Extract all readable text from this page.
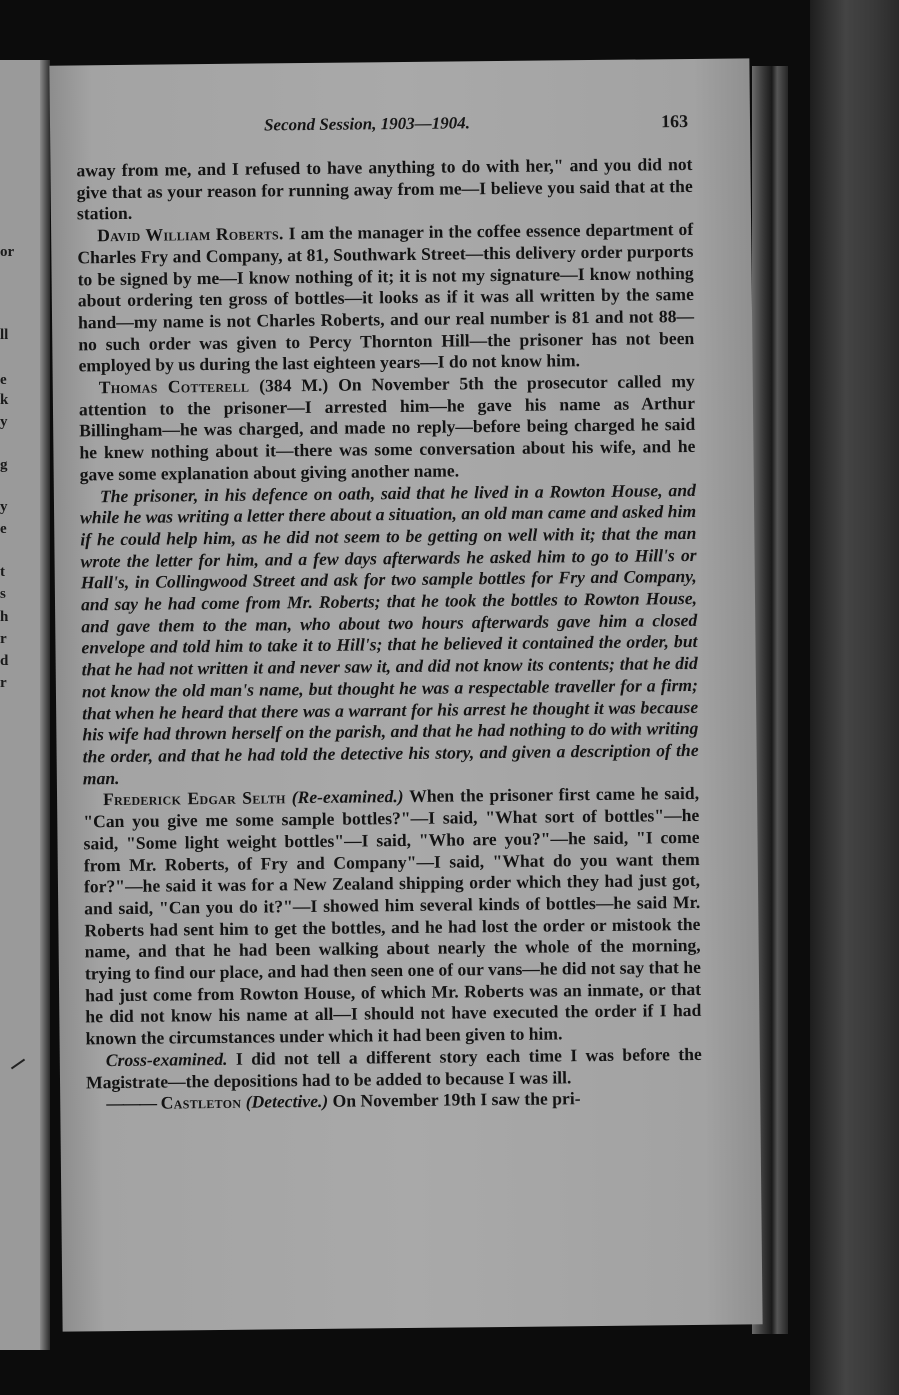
or
ll
e
k
y
g
y
e
t
s
h
r
d
r
Second Session, 1903—1904.	163

away from me, and I refused to have anything to do with her," and you did not give that as your reason for running away from me—I believe you said that at the station.

David William Roberts. I am the manager in the coffee essence department of Charles Fry and Company, at 81, Southwark Street—this delivery order purports to be signed by me—I know nothing of it; it is not my signature—I know nothing about ordering ten gross of bottles—it looks as if it was all written by the same hand—my name is not Charles Roberts, and our real number is 81 and not 88—no such order was given to Percy Thornton Hill—the prisoner has not been employed by us during the last eighteen years—I do not know him.

Thomas Cotterell (384 M.) On November 5th the prosecutor called my attention to the prisoner—I arrested him—he gave his name as Arthur Billingham—he was charged, and made no reply—before being charged he said he knew nothing about it—there was some conversation about his wife, and he gave some explanation about giving another name.

The prisoner, in his defence on oath, said that he lived in a Rowton House, and while he was writing a letter there about a situation, an old man came and asked him if he could help him, as he did not seem to be getting on well with it; that the man wrote the letter for him, and a few days afterwards he asked him to go to Hill's or Hall's, in Collingwood Street and ask for two sample bottles for Fry and Company, and say he had come from Mr. Roberts; that he took the bottles to Rowton House, and gave them to the man, who about two hours afterwards gave him a closed envelope and told him to take it to Hill's; that he believed it contained the order, but that he had not written it and never saw it, and did not know its contents; that he did not know the old man's name, but thought he was a respectable traveller for a firm; that when he heard that there was a warrant for his arrest he thought it was because his wife had thrown herself on the parish, and that he had nothing to do with writing the order, and that he had told the detective his story, and given a description of the man.

Frederick Edgar Selth (Re-examined.) When the prisoner first came he said, "Can you give me some sample bottles?"—I said, "What sort of bottles"—he said, "Some light weight bottles"—I said, "Who are you?"—he said, "I come from Mr. Roberts, of Fry and Company"—I said, "What do you want them for?"—he said it was for a New Zealand shipping order which they had just got, and said, "Can you do it?"—I showed him several kinds of bottles—he said Mr. Roberts had sent him to get the bottles, and he had lost the order or mistook the name, and that he had been walking about nearly the whole of the morning, trying to find our place, and had then seen one of our vans—he did not say that he had just come from Rowton House, of which Mr. Roberts was an inmate, or that he did not know his name at all—I should not have executed the order if I had known the circumstances under which it had been given to him.

Cross-examined. I did not tell a different story each time I was before the Magistrate—the depositions had to be added to because I was ill.

——— Castleton (Detective.) On November 19th I saw the pri-
